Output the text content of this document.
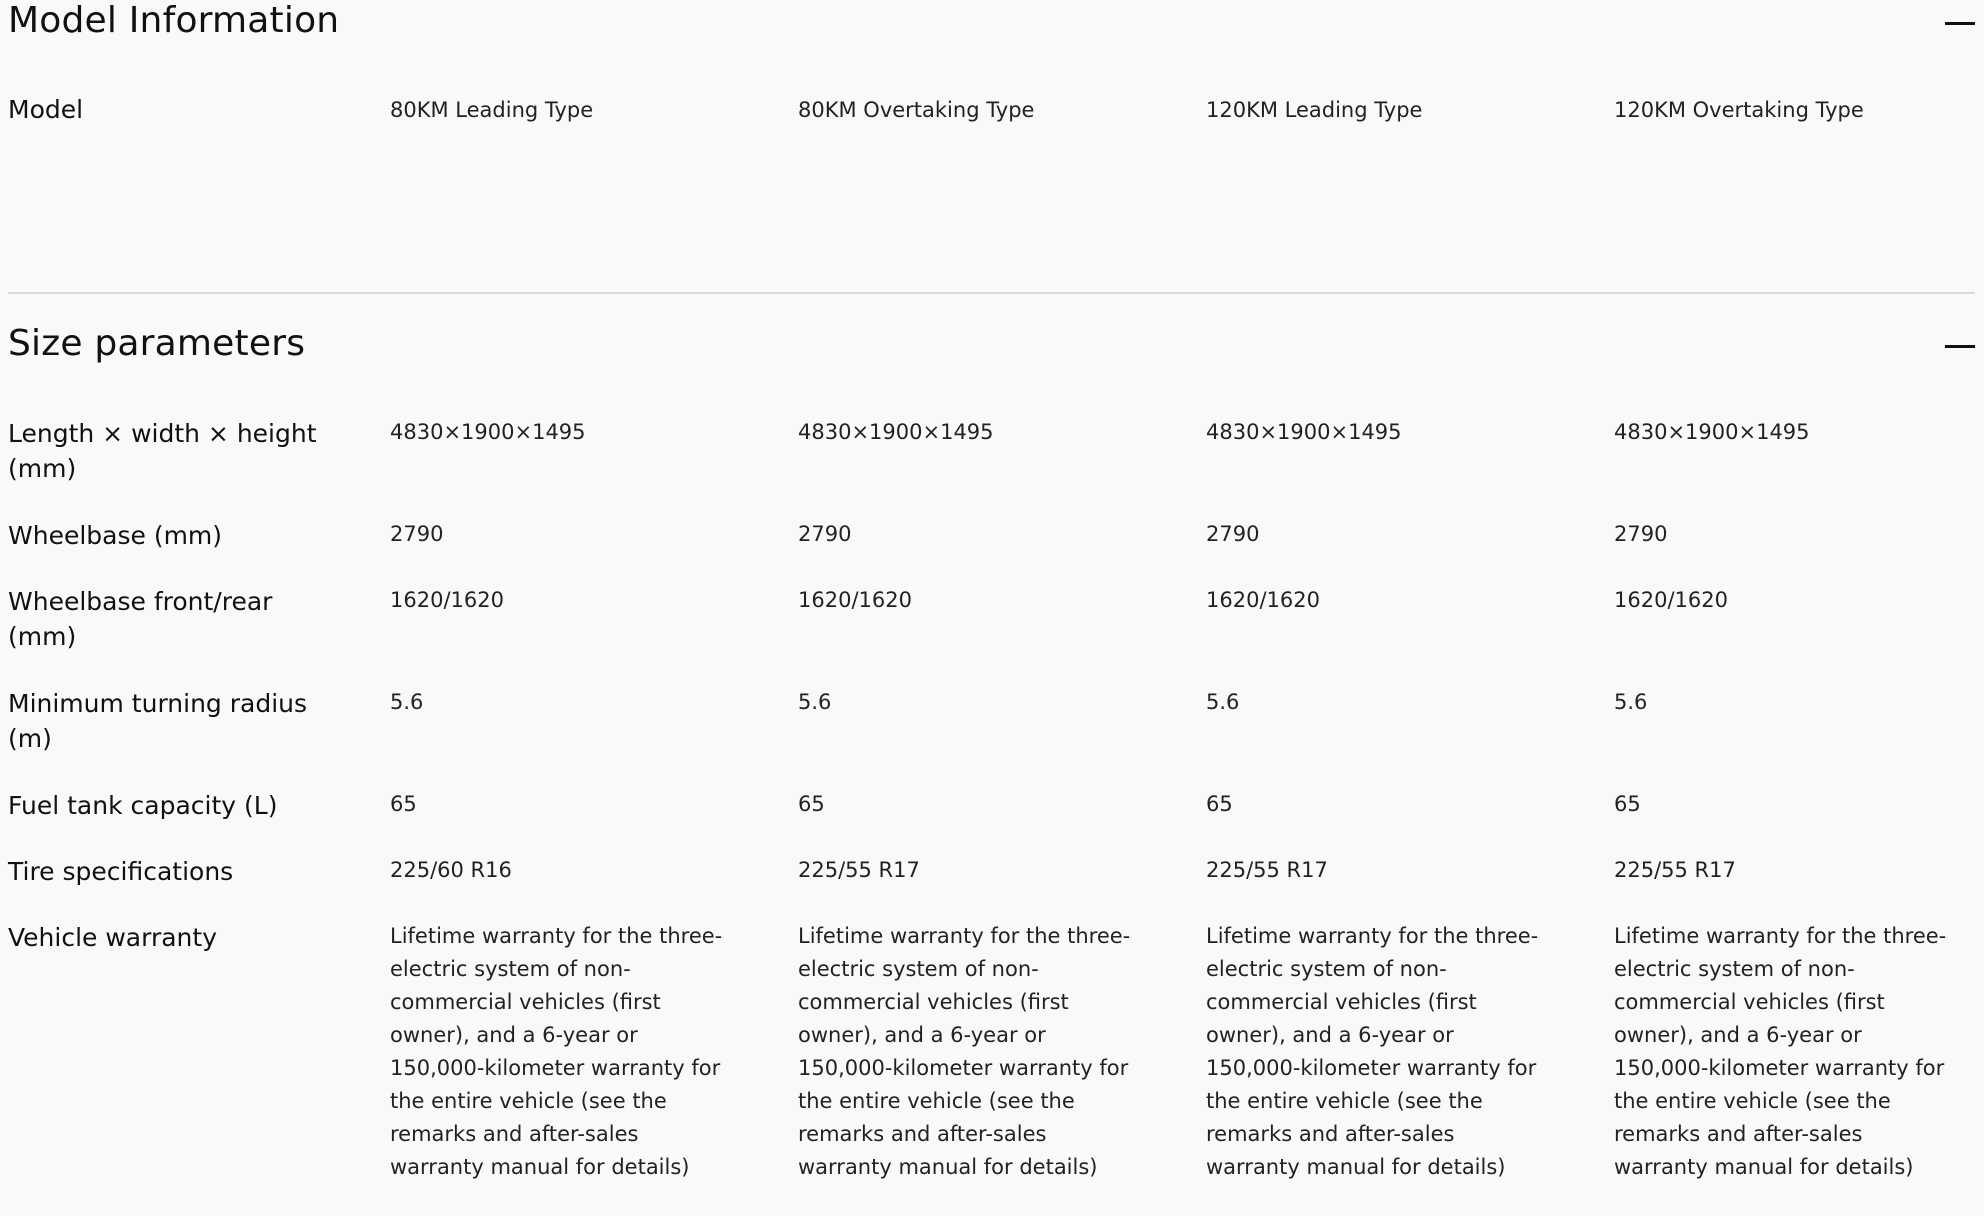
Model Information
Model	80KM Leading Type	80KM Overtaking Type	120KM Leading Type	120KM Overtaking Type
Size parameters
Length × width × height (mm)
4830×1900×1495	4830×1900×1495	4830×1900×1495	4830×1900×1495
Wheelbase (mm)	2790	2790	2790	2790
Wheelbase front/rear (mm)
1620/1620	1620/1620	1620/1620	1620/1620
Minimum turning radius (m)
5.6	5.6	5.6	5.6
Fuel tank capacity (L)	65	65	65	65
Tire specifications	225/60 R16	225/55 R17	225/55 R17	225/55 R17
Vehicle warranty	Lifetime warranty for the three-electric system of non-commercial vehicles (first owner), and a 6-year or 150,000-kilometer warranty for the entire vehicle (see the remarks and after-sales warranty manual for details)
Lifetime warranty for the three-electric system of non-commercial vehicles (first owner), and a 6-year or 150,000-kilometer warranty for the entire vehicle (see the remarks and after-sales warranty manual for details)
Lifetime warranty for the three-electric system of non-commercial vehicles (first owner), and a 6-year or 150,000-kilometer warranty for the entire vehicle (see the remarks and after-sales warranty manual for details)
Lifetime warranty for the three-electric system of non-commercial vehicles (first owner), and a 6-year or 150,000-kilometer warranty for the entire vehicle (see the remarks and after-sales warranty manual for details)
